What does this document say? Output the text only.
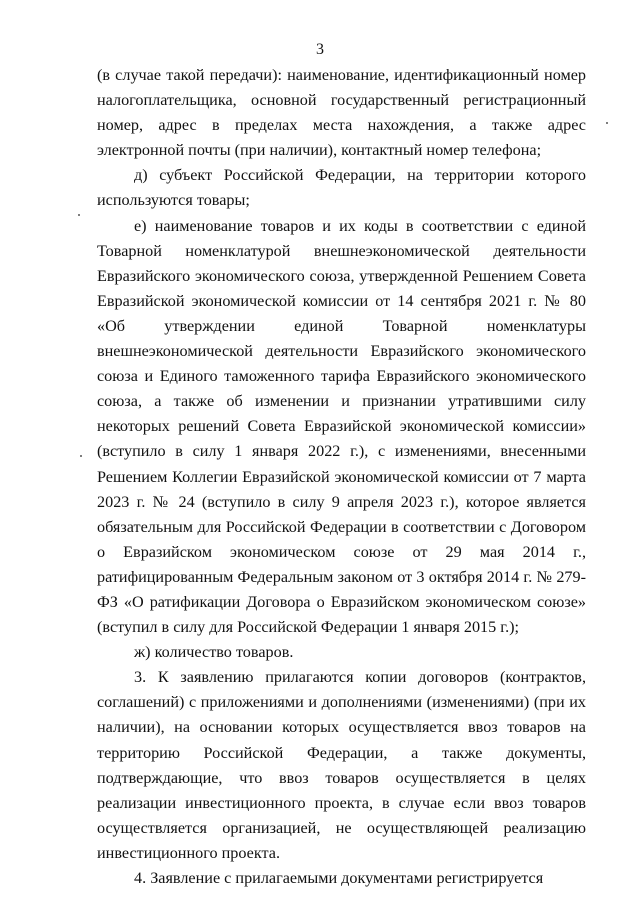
3

(в случае такой передачи): наименование, идентификационный номер налогоплательщика, основной государственный регистрационный номер, адрес в пределах места нахождения, а также адрес электронной почты (при наличии), контактный номер телефона;

д) субъект Российской Федерации, на территории которого используются товары;

е) наименование товаров и их коды в соответствии с единой Товарной номенклатурой внешнеэкономической деятельности Евразийского экономического союза, утвержденной Решением Совета Евразийской экономической комиссии от 14 сентября 2021 г. № 80 «Об утверждении единой Товарной номенклатуры внешнеэкономической деятельности Евразийского экономического союза и Единого таможенного тарифа Евразийского экономического союза, а также об изменении и признании утратившими силу некоторых решений Совета Евразийской экономической комиссии» (вступило в силу 1 января 2022 г.), с изменениями, внесенными Решением Коллегии Евразийской экономической комиссии от 7 марта 2023 г. № 24 (вступило в силу 9 апреля 2023 г.), которое является обязательным для Российской Федерации в соответствии с Договором о Евразийском экономическом союзе от 29 мая 2014 г., ратифицированным Федеральным законом от 3 октября 2014 г. № 279-ФЗ «О ратификации Договора о Евразийском экономическом союзе» (вступил в силу для Российской Федерации 1 января 2015 г.);

ж) количество товаров.

3. К заявлению прилагаются копии договоров (контрактов, соглашений) с приложениями и дополнениями (изменениями) (при их наличии), на основании которых осуществляется ввоз товаров на территорию Российской Федерации, а также документы, подтверждающие, что ввоз товаров осуществляется в целях реализации инвестиционного проекта, в случае если ввоз товаров осуществляется организацией, не осуществляющей реализацию инвестиционного проекта.

4. Заявление с прилагаемыми документами регистрируется
